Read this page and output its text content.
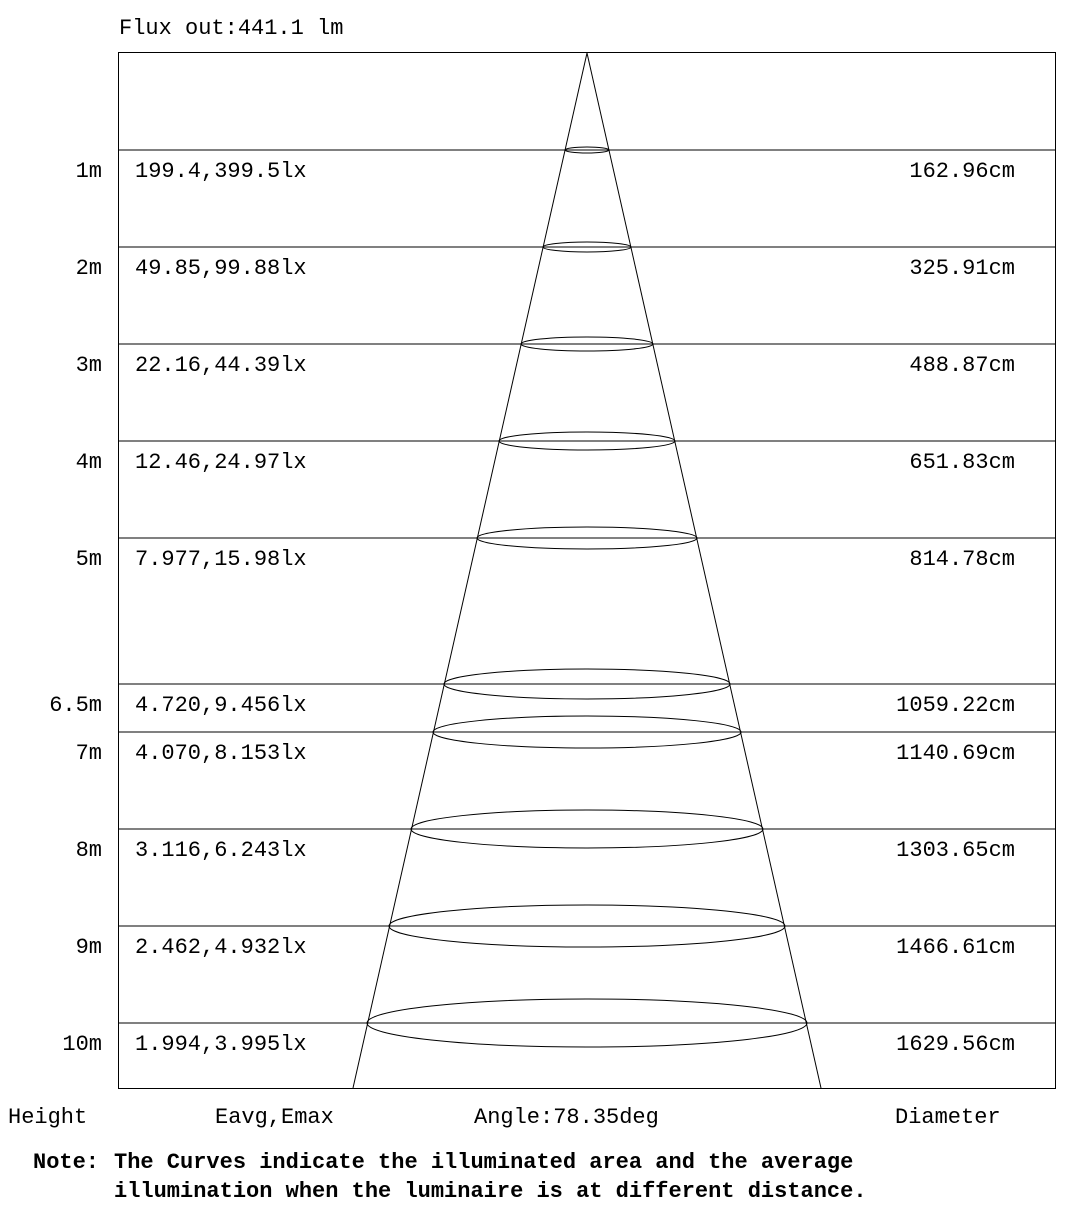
Flux out:441.1 lm
1m 199.4,399.5lx	162.96cm
2m 49.85,99.88lx	325.91cm
3m 22.16,44.39lx	488.87cm
4m 12.46,24.97lx	651.83cm
5m 7.977,15.98lx	814.78cm
6.5m 4.720,9.456lx	1059.22cm
7m 4.070,8.153lx	1140.69cm
8m 3.116,6.243lx	1303.65cm
9m 2.462,4.932lx	1466.61cm
10m 1.994,3.995lx	1629.56cm
Height	Eavg,Emax	Angle:78.35deg	Diameter
Note: The Curves indicate the illuminated area and the average
illumination when the luminaire is at different distance.
